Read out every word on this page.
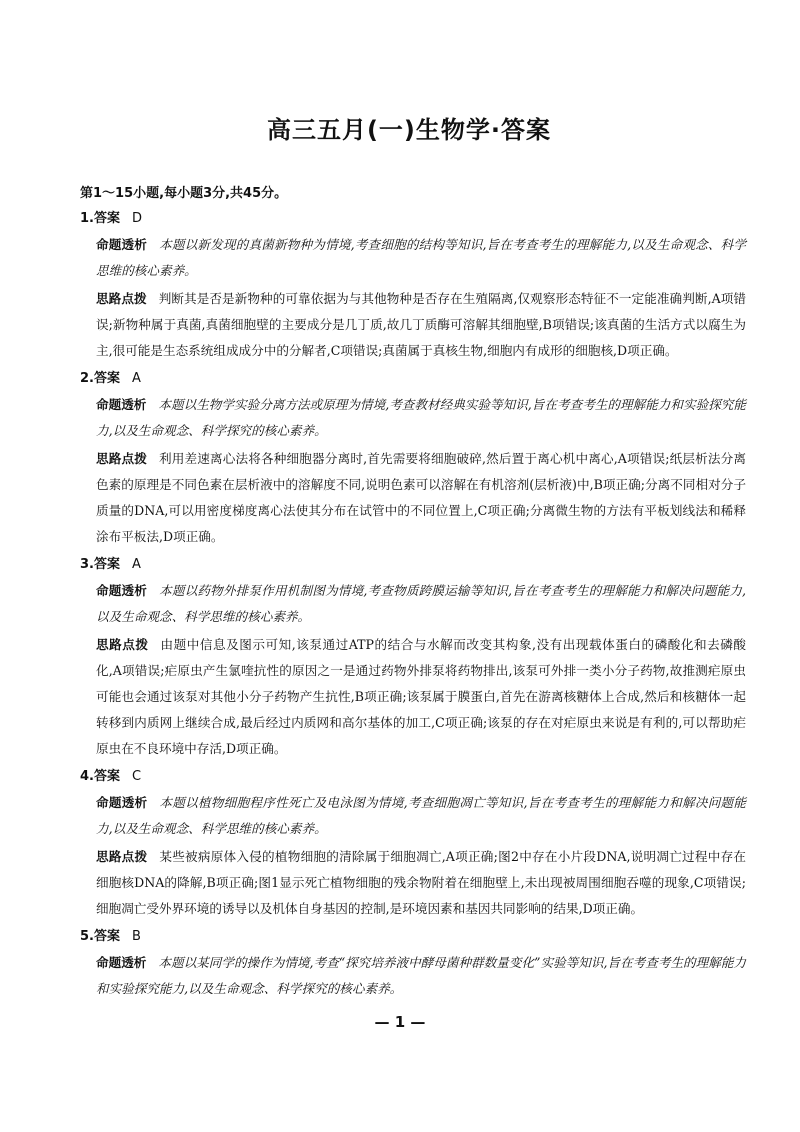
高三五月(一)生物学·答案
第1～15小题,每小题3分,共45分。
1.答案 D

命题透析 本题以新发现的真菌新物种为情境,考查细胞的结构等知识,旨在考查考生的理解能力,以及生命观念、科学思维的核心素养。

思路点拨 判断其是否是新物种的可靠依据为与其他物种是否存在生殖隔离,仅观察形态特征不一定能准确判断,A项错误;新物种属于真菌,真菌细胞壁的主要成分是几丁质,故几丁质酶可溶解其细胞壁,B项错误;该真菌的生活方式以腐生为主,很可能是生态系统组成成分中的分解者,C项错误;真菌属于真核生物,细胞内有成形的细胞核,D项正确。

2.答案 A

命题透析 本题以生物学实验分离方法或原理为情境,考查教材经典实验等知识,旨在考查考生的理解能力和实验探究能力,以及生命观念、科学探究的核心素养。

思路点拨 利用差速离心法将各种细胞器分离时,首先需要将细胞破碎,然后置于离心机中离心,A项错误;纸层析法分离色素的原理是不同色素在层析液中的溶解度不同,说明色素可以溶解在有机溶剂(层析液)中,B项正确;分离不同相对分子质量的DNA,可以用密度梯度离心法使其分布在试管中的不同位置上,C项正确;分离微生物的方法有平板划线法和稀释涂布平板法,D项正确。

3.答案 A

命题透析 本题以药物外排泵作用机制图为情境,考查物质跨膜运输等知识,旨在考查考生的理解能力和解决问题能力,以及生命观念、科学思维的核心素养。

思路点拨 由题中信息及图示可知,该泵通过ATP的结合与水解而改变其构象,没有出现载体蛋白的磷酸化和去磷酸化,A项错误;疟原虫产生氯喹抗性的原因之一是通过药物外排泵将药物排出,该泵可外排一类小分子药物,故推测疟原虫可能也会通过该泵对其他小分子药物产生抗性,B项正确;该泵属于膜蛋白,首先在游离核糖体上合成,然后和核糖体一起转移到内质网上继续合成,最后经过内质网和高尔基体的加工,C项正确;该泵的存在对疟原虫来说是有利的,可以帮助疟原虫在不良环境中存活,D项正确。

4.答案 C

命题透析 本题以植物细胞程序性死亡及电泳图为情境,考查细胞凋亡等知识,旨在考查考生的理解能力和解决问题能力,以及生命观念、科学思维的核心素养。

思路点拨 某些被病原体入侵的植物细胞的清除属于细胞凋亡,A项正确;图2中存在小片段DNA,说明凋亡过程中存在细胞核DNA的降解,B项正确;图1显示死亡植物细胞的残余物附着在细胞壁上,未出现被周围细胞吞噬的现象,C项错误;细胞凋亡受外界环境的诱导以及机体自身基因的控制,是环境因素和基因共同影响的结果,D项正确。

5.答案 B

命题透析 本题以某同学的操作为情境,考查“探究培养液中酵母菌种群数量变化”实验等知识,旨在考查考生的理解能力和实验探究能力,以及生命观念、科学探究的核心素养。

— 1 —
